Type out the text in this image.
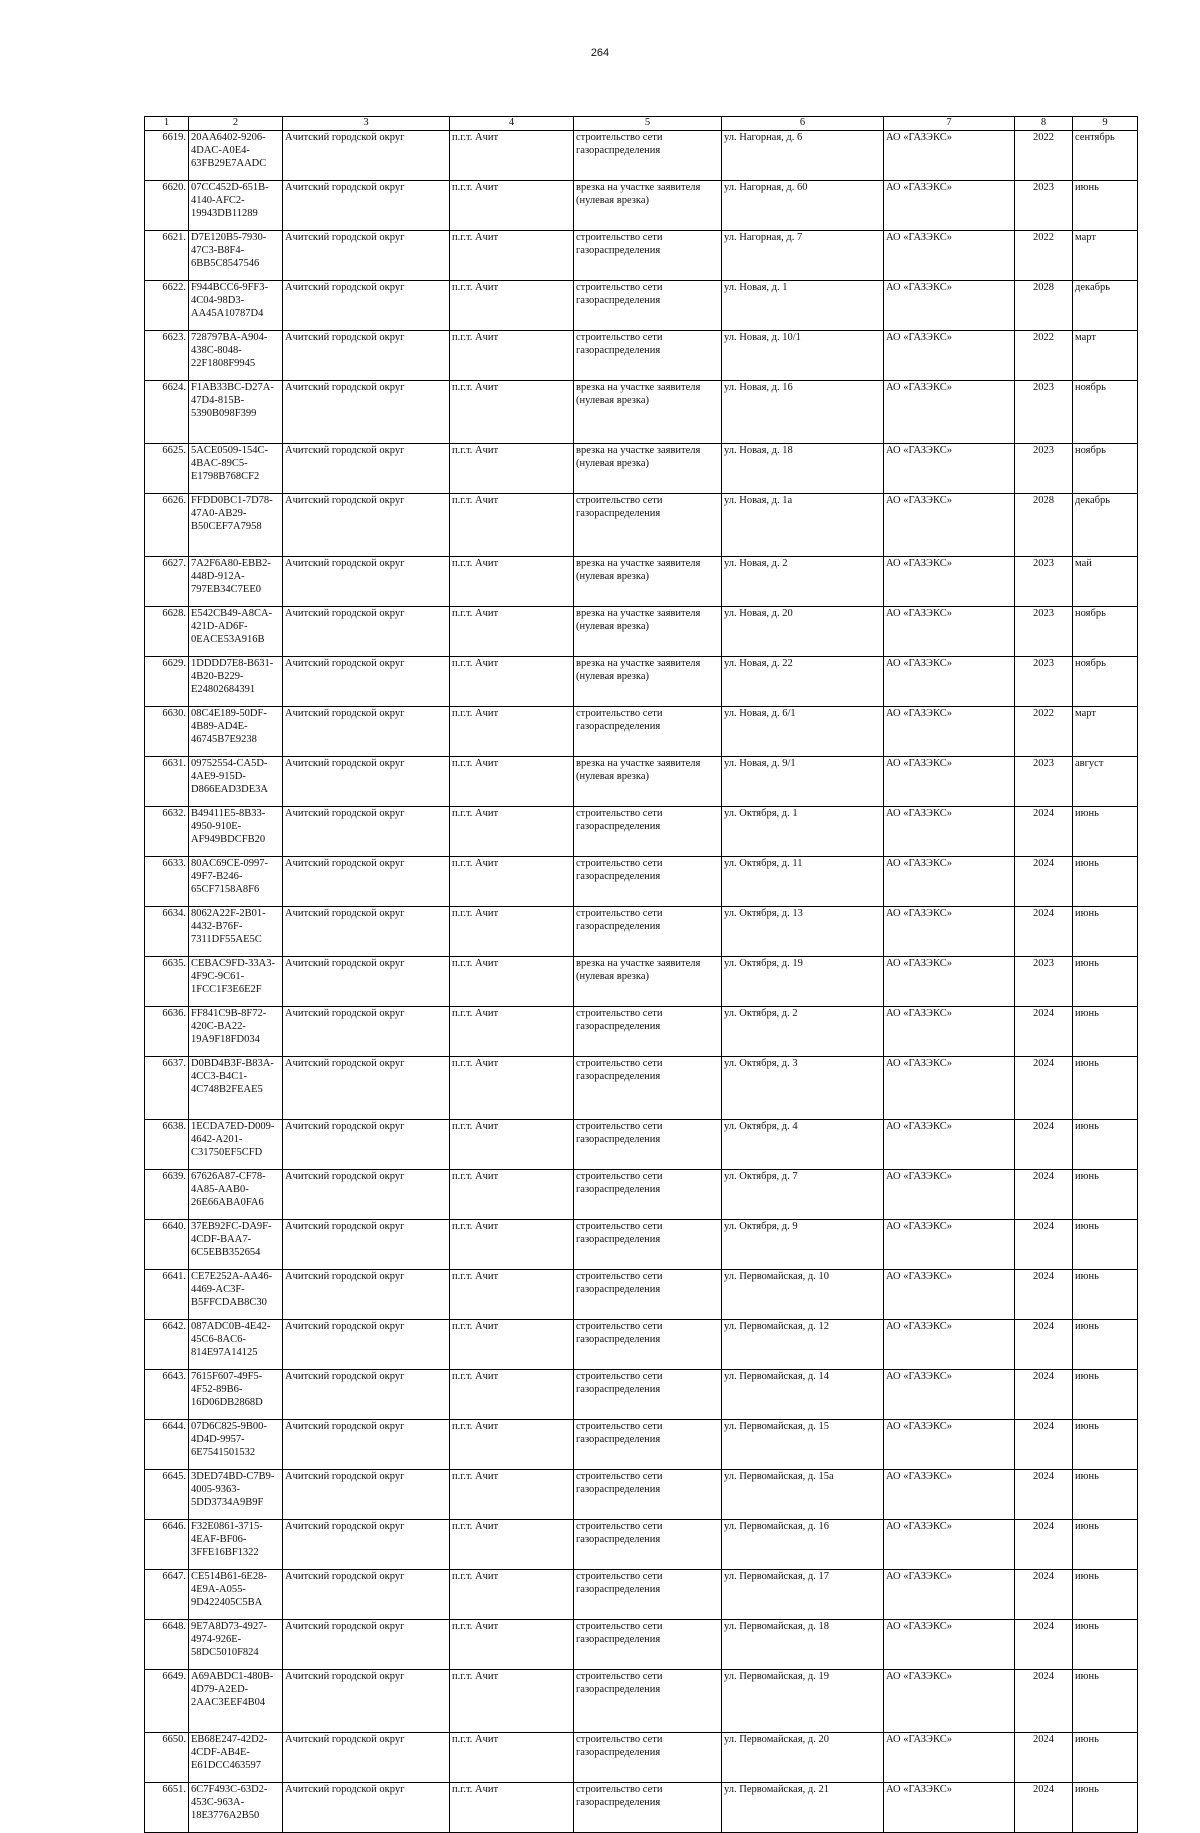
264
1	2	3	4	5	6	7	8	9
6619.	20AA6402-9206-4DAC-A0E4-63FB29E7AADC	Ачитский городской округ	п.г.т. Ачит	строительство сети газораспределения	ул. Нагорная, д. 6	АО «ГАЗЭКС»	2022	сентябрь
6620.	07CC452D-651B-4140-AFC2-19943DB11289	Ачитский городской округ	п.г.т. Ачит	врезка на участке заявителя (нулевая врезка)	ул. Нагорная, д. 60	АО «ГАЗЭКС»	2023	июнь
6621.	D7E120B5-7930-47C3-B8F4-6BB5C8547546	Ачитский городской округ	п.г.т. Ачит	строительство сети газораспределения	ул. Нагорная, д. 7	АО «ГАЗЭКС»	2022	март
6622.	F944BCC6-9FF3-4C04-98D3-AA45A10787D4	Ачитский городской округ	п.г.т. Ачит	строительство сети газораспределения	ул. Новая, д. 1	АО «ГАЗЭКС»	2028	декабрь
6623.	728797BA-A904-438C-8048-22F1808F9945	Ачитский городской округ	п.г.т. Ачит	строительство сети газораспределения	ул. Новая, д. 10/1	АО «ГАЗЭКС»	2022	март
6624.	F1AB33BC-D27A-47D4-815B-5390B098F399	Ачитский городской округ	п.г.т. Ачит	врезка на участке заявителя (нулевая врезка)	ул. Новая, д. 16	АО «ГАЗЭКС»	2023	ноябрь
6625.	5ACE0509-154C-4BAC-89C5-E1798B768CF2	Ачитский городской округ	п.г.т. Ачит	врезка на участке заявителя (нулевая врезка)	ул. Новая, д. 18	АО «ГАЗЭКС»	2023	ноябрь
6626.	FFDD0BC1-7D78-47A0-AB29-B50CEF7A7958	Ачитский городской округ	п.г.т. Ачит	строительство сети газораспределения	ул. Новая, д. 1а	АО «ГАЗЭКС»	2028	декабрь
6627.	7A2F6A80-EBB2-448D-912A-797EB34C7EE0	Ачитский городской округ	п.г.т. Ачит	врезка на участке заявителя (нулевая врезка)	ул. Новая, д. 2	АО «ГАЗЭКС»	2023	май
6628.	E542CB49-A8CA-421D-AD6F-0EACE53A916B	Ачитский городской округ	п.г.т. Ачит	врезка на участке заявителя (нулевая врезка)	ул. Новая, д. 20	АО «ГАЗЭКС»	2023	ноябрь
6629.	1DDDD7E8-B631-4B20-B229-E24802684391	Ачитский городской округ	п.г.т. Ачит	врезка на участке заявителя (нулевая врезка)	ул. Новая, д. 22	АО «ГАЗЭКС»	2023	ноябрь
6630.	08C4E189-50DF-4B89-AD4E-46745B7E9238	Ачитский городской округ	п.г.т. Ачит	строительство сети газораспределения	ул. Новая, д. 6/1	АО «ГАЗЭКС»	2022	март
6631.	09752554-CA5D-4AE9-915D-D866EAD3DE3A	Ачитский городской округ	п.г.т. Ачит	врезка на участке заявителя (нулевая врезка)	ул. Новая, д. 9/1	АО «ГАЗЭКС»	2023	август
6632.	B49411E5-8B33-4950-910E-AF949BDCFB20	Ачитский городской округ	п.г.т. Ачит	строительство сети газораспределения	ул. Октября, д. 1	АО «ГАЗЭКС»	2024	июнь
6633.	80AC69CE-0997-49F7-B246-65CF7158A8F6	Ачитский городской округ	п.г.т. Ачит	строительство сети газораспределения	ул. Октября, д. 11	АО «ГАЗЭКС»	2024	июнь
6634.	8062A22F-2B01-4432-B76F-7311DF55AE5C	Ачитский городской округ	п.г.т. Ачит	строительство сети газораспределения	ул. Октября, д. 13	АО «ГАЗЭКС»	2024	июнь
6635.	CEBAC9FD-33A3-4F9C-9C61-1FCC1F3E6E2F	Ачитский городской округ	п.г.т. Ачит	врезка на участке заявителя (нулевая врезка)	ул. Октября, д. 19	АО «ГАЗЭКС»	2023	июнь
6636.	FF841C9B-8F72-420C-BA22-19A9F18FD034	Ачитский городской округ	п.г.т. Ачит	строительство сети газораспределения	ул. Октября, д. 2	АО «ГАЗЭКС»	2024	июнь
6637.	D0BD4B3F-B83A-4CC3-B4C1-4C748B2FEAE5	Ачитский городской округ	п.г.т. Ачит	строительство сети газораспределения	ул. Октября, д. 3	АО «ГАЗЭКС»	2024	июнь
6638.	1ECDA7ED-D009-4642-A201-C31750EF5CFD	Ачитский городской округ	п.г.т. Ачит	строительство сети газораспределения	ул. Октября, д. 4	АО «ГАЗЭКС»	2024	июнь
6639.	67626A87-CF78-4A85-AAB0-26E66ABA0FA6	Ачитский городской округ	п.г.т. Ачит	строительство сети газораспределения	ул. Октября, д. 7	АО «ГАЗЭКС»	2024	июнь
6640.	37EB92FC-DA9F-4CDF-BAA7-6C5EBB352654	Ачитский городской округ	п.г.т. Ачит	строительство сети газораспределения	ул. Октября, д. 9	АО «ГАЗЭКС»	2024	июнь
6641.	CE7E252A-AA46-4469-AC3F-B5FFCDAB8C30	Ачитский городской округ	п.г.т. Ачит	строительство сети газораспределения	ул. Первомайская, д. 10	АО «ГАЗЭКС»	2024	июнь
6642.	087ADC0B-4E42-45C6-8AC6-814E97A14125	Ачитский городской округ	п.г.т. Ачит	строительство сети газораспределения	ул. Первомайская, д. 12	АО «ГАЗЭКС»	2024	июнь
6643.	7615F607-49F5-4F52-89B6-16D06DB2868D	Ачитский городской округ	п.г.т. Ачит	строительство сети газораспределения	ул. Первомайская, д. 14	АО «ГАЗЭКС»	2024	июнь
6644.	07D6C825-9B00-4D4D-9957-6E7541501532	Ачитский городской округ	п.г.т. Ачит	строительство сети газораспределения	ул. Первомайская, д. 15	АО «ГАЗЭКС»	2024	июнь
6645.	3DED74BD-C7B9-4005-9363-5DD3734A9B9F	Ачитский городской округ	п.г.т. Ачит	строительство сети газораспределения	ул. Первомайская, д. 15а	АО «ГАЗЭКС»	2024	июнь
6646.	F32E0861-3715-4EAF-BF06-3FFE16BF1322	Ачитский городской округ	п.г.т. Ачит	строительство сети газораспределения	ул. Первомайская, д. 16	АО «ГАЗЭКС»	2024	июнь
6647.	CE514B61-6E28-4E9A-A055-9D422405C5BA	Ачитский городской округ	п.г.т. Ачит	строительство сети газораспределения	ул. Первомайская, д. 17	АО «ГАЗЭКС»	2024	июнь
6648.	9E7A8D73-4927-4974-926E-58DC5010F824	Ачитский городской округ	п.г.т. Ачит	строительство сети газораспределения	ул. Первомайская, д. 18	АО «ГАЗЭКС»	2024	июнь
6649.	A69ABDC1-480B-4D79-A2ED-2AAC3EEF4B04	Ачитский городской округ	п.г.т. Ачит	строительство сети газораспределения	ул. Первомайская, д. 19	АО «ГАЗЭКС»	2024	июнь
6650.	EB68E247-42D2-4CDF-AB4E-E61DCC463597	Ачитский городской округ	п.г.т. Ачит	строительство сети газораспределения	ул. Первомайская, д. 20	АО «ГАЗЭКС»	2024	июнь
6651.	6C7F493C-63D2-453C-963A-18E3776A2B50	Ачитский городской округ	п.г.т. Ачит	строительство сети газораспределения	ул. Первомайская, д. 21	АО «ГАЗЭКС»	2024	июнь
